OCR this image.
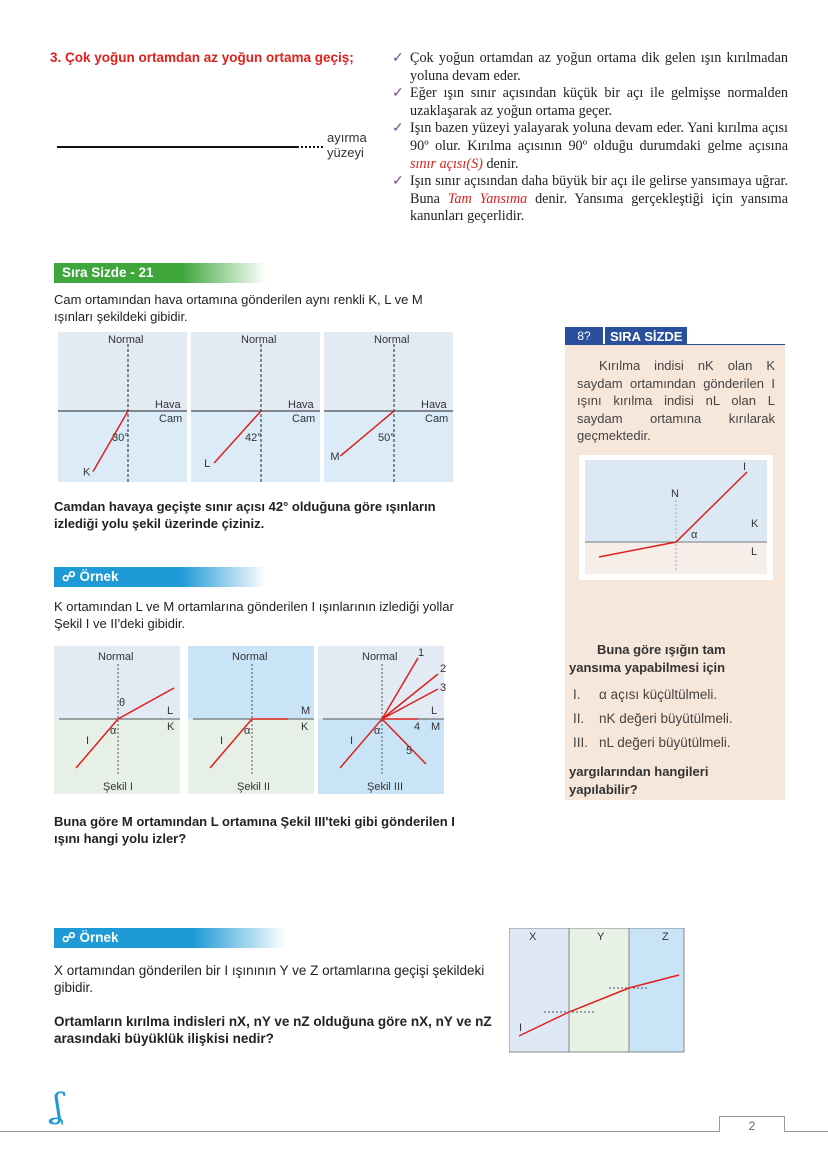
3. Çok yoğun ortamdan az yoğun ortama geçiş;
ayırma
yüzeyi
✓ Çok yoğun ortamdan az yoğun ortama dik gelen ışın kırılmadan yoluna devam eder.
✓ Eğer ışın sınır açısından küçük bir açı ile gelmişse normalden uzaklaşarak az yoğun ortama geçer.
✓ Işın bazen yüzeyi yalayarak yoluna devam eder. Yani kırılma açısı 90º olur. Kırılma açısının 90º olduğu durumdaki gelme açısına sınır açısı(S) denir.
✓ Işın sınır açısından daha büyük bir açı ile gelirse yansımaya uğrar. Buna Tam Yansıma denir. Yansıma gerçekleştiği için yansıma kanunları geçerlidir.
Sıra Sizde - 21
Cam ortamından hava ortamına gönderilen aynı renkli K, L ve M ışınları şekildeki gibidir.
Normal
Hava
Cam
30°
K
Normal
Hava
Cam
42°
L
Normal
Hava
Cam
50°
M
Camdan havaya geçişte sınır açısı 42° olduğuna göre ışınların izlediği yolu şekil üzerinde çiziniz.
☍ Örnek
K ortamından L ve M ortamlarına gönderilen I ışınlarının izlediği yollar Şekil I ve II'deki gibidir.
Normal
Şekil I
L
K
I
α
θ
Normal
Şekil II
M
K
I
α
1
2
3
4
5
Normal
Şekil III
L
M
I
α
Buna göre M ortamından L ortamına Şekil III'teki gibi gönderilen I ışını hangi yolu izler?
8?	SIRA SİZDE
Kırılma indisi nK olan K saydam ortamından gönderilen I ışını kırılma indisi nL olan L saydam ortamına kırılarak geçmektedir.
I
N
α
K
L
Buna göre ışığın tam yansıma yapabilmesi için
I. α açısı küçültülmeli.
II. nK değeri büyütülmeli.
III. nL değeri büyütülmeli.
yargılarından hangileri yapılabilir?
☍ Örnek
X ortamından gönderilen bir I ışınının Y ve Z ortamlarına geçişi şekildeki gibidir.
Ortamların kırılma indisleri nX, nY ve nZ olduğuna göre nX, nY ve nZ arasındaki büyüklük ilişkisi nedir?
X	Y	Z
I
ʆ	2
